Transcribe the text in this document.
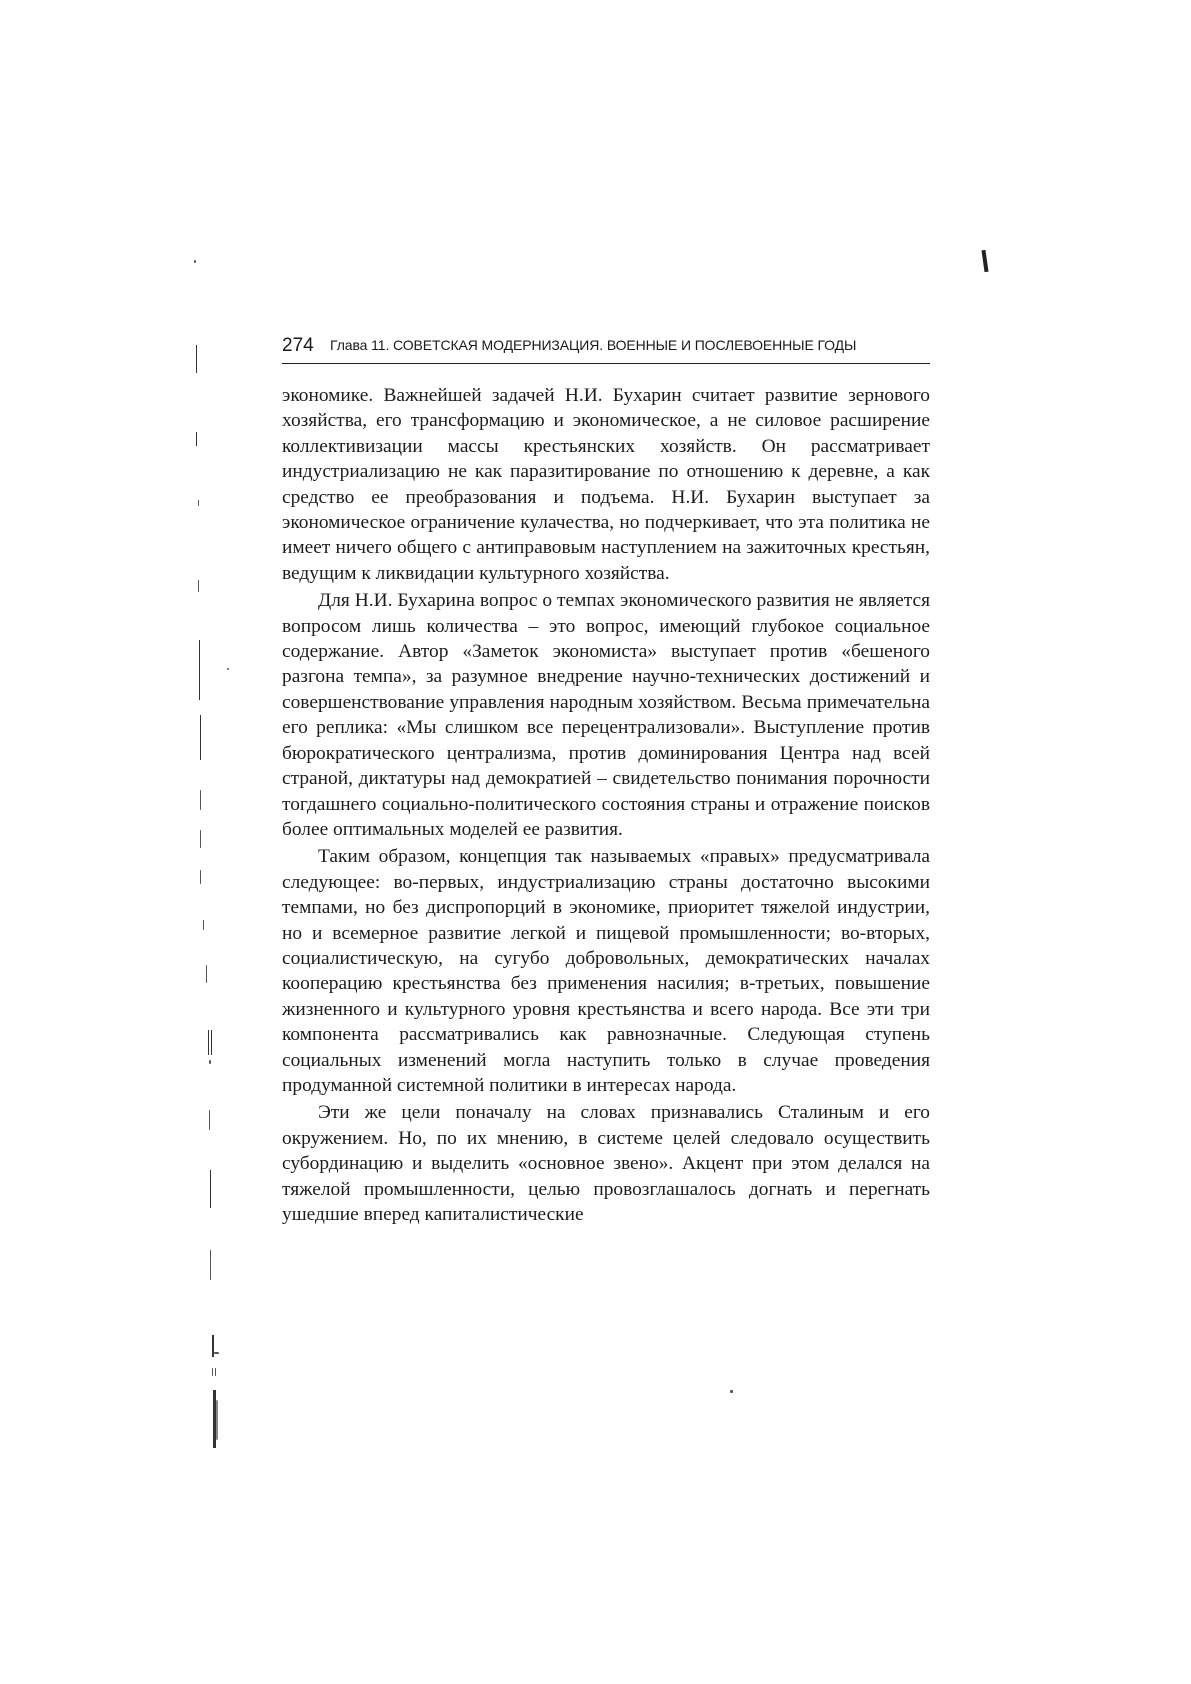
274 Глава 11. СОВЕТСКАЯ МОДЕРНИЗАЦИЯ. ВОЕННЫЕ И ПОСЛЕВОЕННЫЕ ГОДЫ

экономике. Важнейшей задачей Н.И. Бухарин считает развитие зернового хозяйства, его трансформацию и экономическое, а не силовое расширение коллективизации массы крестьянских хозяйств. Он рассматривает индустриализацию не как паразитирование по отношению к деревне, а как средство ее преобразования и подъема. Н.И. Бухарин выступает за экономическое ограничение кулачества, но подчеркивает, что эта политика не имеет ничего общего с антиправовым наступлением на зажиточных крестьян, ведущим к ликвидации культурного хозяйства.

Для Н.И. Бухарина вопрос о темпах экономического развития не является вопросом лишь количества – это вопрос, имеющий глубокое социальное содержание. Автор «Заметок экономиста» выступает против «бешеного разгона темпа», за разумное внедрение научно-технических достижений и совершенствование управления народным хозяйством. Весьма примечательна его реплика: «Мы слишком все перецентрализовали». Выступление против бюрократического централизма, против доминирования Центра над всей страной, диктатуры над демократией – свидетельство понимания порочности тогдашнего социально-политического состояния страны и отражение поисков более оптимальных моделей ее развития.

Таким образом, концепция так называемых «правых» предусматривала следующее: во-первых, индустриализацию страны достаточно высокими темпами, но без диспропорций в экономике, приоритет тяжелой индустрии, но и всемерное развитие легкой и пищевой промышленности; во-вторых, социалистическую, на сугубо добровольных, демократических началах кооперацию крестьянства без применения насилия; в-третьих, повышение жизненного и культурного уровня крестьянства и всего народа. Все эти три компонента рассматривались как равнозначные. Следующая ступень социальных изменений могла наступить только в случае проведения продуманной системной политики в интересах народа.

Эти же цели поначалу на словах признавались Сталиным и его окружением. Но, по их мнению, в системе целей следовало осуществить субординацию и выделить «основное звено». Акцент при этом делался на тяжелой промышленности, целью провозглашалось догнать и перегнать ушедшие вперед капиталистические
